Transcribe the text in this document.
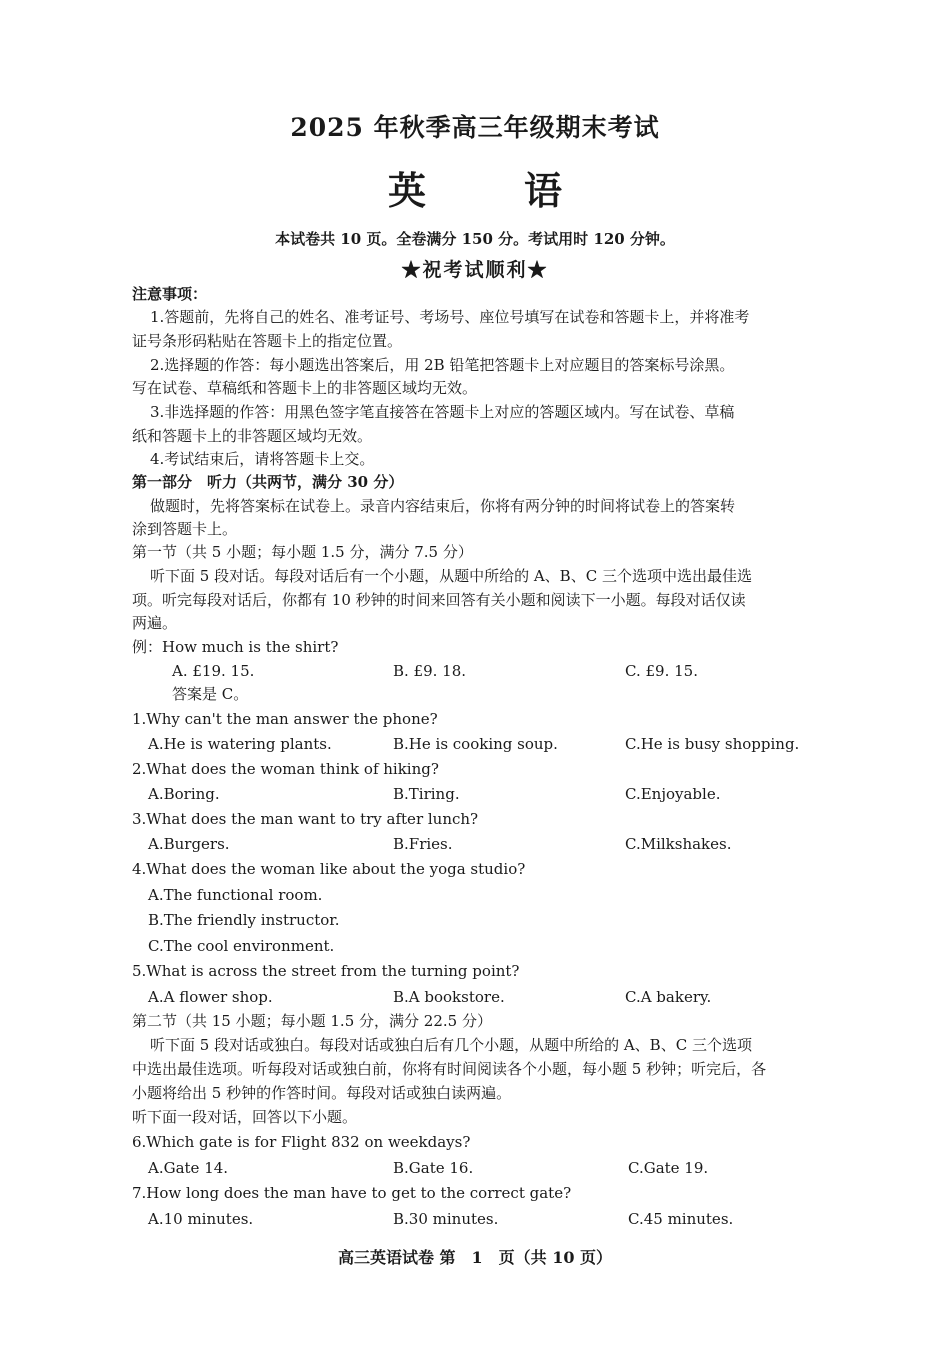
2025 年秋季高三年级期末考试
英　语
本试卷共 10 页。全卷满分 150 分。考试用时 120 分钟。
★祝考试顺利★
注意事项：
1.答题前，先将自己的姓名、准考证号、考场号、座位号填写在试卷和答题卡上，并将准考
证号条形码粘贴在答题卡上的指定位置。
2.选择题的作答：每小题选出答案后，用 2B 铅笔把答题卡上对应题目的答案标号涂黑。
写在试卷、草稿纸和答题卡上的非答题区域均无效。
3.非选择题的作答：用黑色签字笔直接答在答题卡上对应的答题区域内。写在试卷、草稿
纸和答题卡上的非答题区域均无效。
4.考试结束后，请将答题卡上交。
第一部分　听力（共两节，满分 30 分）
做题时，先将答案标在试卷上。录音内容结束后，你将有两分钟的时间将试卷上的答案转
涂到答题卡上。
第一节（共 5 小题；每小题 1.5 分，满分 7.5 分）
听下面 5 段对话。每段对话后有一个小题，从题中所给的 A、B、C 三个选项中选出最佳选
项。听完每段对话后，你都有 10 秒钟的时间来回答有关小题和阅读下一小题。每段对话仅读
两遍。
例：How much is the shirt?
A. £19. 15.	B. £9. 18.	C. £9. 15.
答案是 C。
1.Why can't the man answer the phone?
A.He is watering plants.	B.He is cooking soup.	C.He is busy shopping.
2.What does the woman think of hiking?
A.Boring.	B.Tiring.	C.Enjoyable.
3.What does the man want to try after lunch?
A.Burgers.	B.Fries.	C.Milkshakes.
4.What does the woman like about the yoga studio?
A.The functional room.
B.The friendly instructor.
C.The cool environment.
5.What is across the street from the turning point?
A.A flower shop.	B.A bookstore.	C.A bakery.
第二节（共 15 小题；每小题 1.5 分，满分 22.5 分）
听下面 5 段对话或独白。每段对话或独白后有几个小题，从题中所给的 A、B、C 三个选项
中选出最佳选项。听每段对话或独白前，你将有时间阅读各个小题，每小题 5 秒钟；听完后，各
小题将给出 5 秒钟的作答时间。每段对话或独白读两遍。
听下面一段对话，回答以下小题。
6.Which gate is for Flight 832 on weekdays?
A.Gate 14.	B.Gate 16.	C.Gate 19.
7.How long does the man have to get to the correct gate?
A.10 minutes.	B.30 minutes.	C.45 minutes.
高三英语试卷 第　1　页（共 10 页）
